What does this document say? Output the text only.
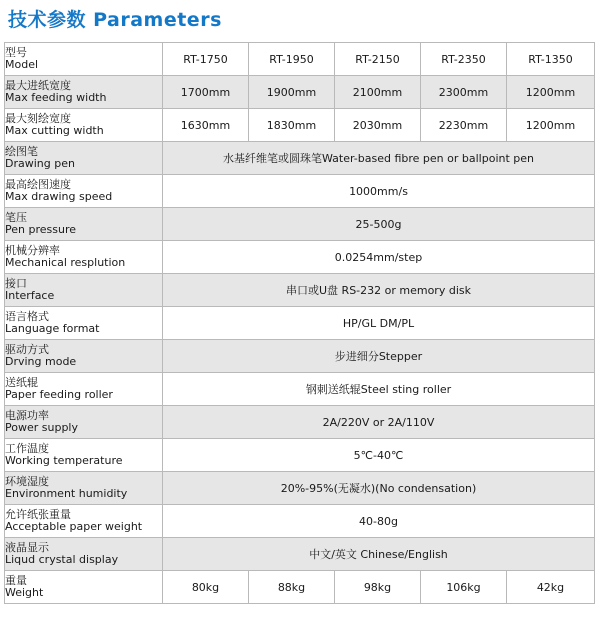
技术参数 Parameters
型号
Model	RT-1750	RT-1950	RT-2150	RT-2350	RT-1350

最大进纸宽度
Max feeding width	1700mm	1900mm	2100mm	2300mm	1200mm

最大刻绘宽度
Max cutting width	1630mm	1830mm	2030mm	2230mm	1200mm

绘图笔
Drawing pen	水基纤维笔或圆珠笔Water-based fibre pen or ballpoint pen				

最高绘图速度
Max drawing speed	1000mm/s				

笔压
Pen pressure	25-500g				

机械分辨率
Mechanical resplution	0.0254mm/step				

接口
Interface	串口或U盘 RS-232 or memory disk				

语言格式
Language format	HP/GL DM/PL				

驱动方式
Drving mode	步进细分Stepper				

送纸辊
Paper feeding roller	钢刺送纸辊Steel sting roller				

电源功率
Power supply	2A/220V or 2A/110V				

工作温度
Working temperature	5℃-40℃				

环境湿度
Environment humidity	20%-95%(无凝水)(No condensation)				

允许纸张重量
Acceptable paper weight	40-80g				

液晶显示
Liqud crystal display	中文/英文 Chinese/English				

重量
Weight	80kg	88kg	98kg	106kg	42kg
